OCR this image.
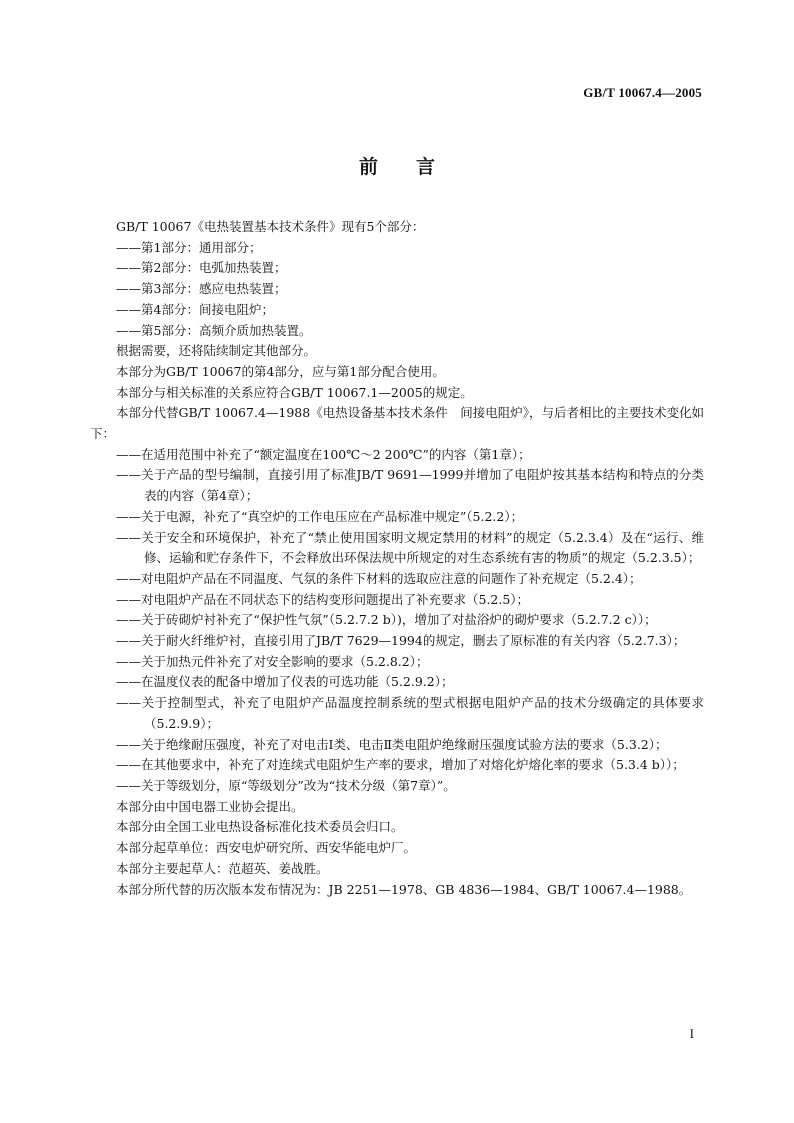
GB/T 10067.4—2005
前言

GB/T 10067《电热装置基本技术条件》现有5个部分：

——第1部分：通用部分；

——第2部分：电弧加热装置；

——第3部分：感应电热装置；

——第4部分：间接电阻炉；

——第5部分：高频介质加热装置。

根据需要，还将陆续制定其他部分。

本部分为GB/T 10067的第4部分，应与第1部分配合使用。

本部分与相关标准的关系应符合GB/T 10067.1—2005的规定。

本部分代替GB/T 10067.4—1988《电热设备基本技术条件　间接电阻炉》，与后者相比的主要技术变化如下：

——在适用范围中补充了“额定温度在100℃～2 200℃”的内容（第1章）；

——关于产品的型号编制，直接引用了标准JB/T 9691—1999并增加了电阻炉按其基本结构和特点的分类表的内容（第4章）；

——关于电源，补充了“真空炉的工作电压应在产品标准中规定”（5.2.2）；

——关于安全和环境保护，补充了“禁止使用国家明文规定禁用的材料”的规定（5.2.3.4）及在“运行、维修、运输和贮存条件下，不会释放出环保法规中所规定的对生态系统有害的物质”的规定（5.2.3.5）；

——对电阻炉产品在不同温度、气氛的条件下材料的选取应注意的问题作了补充规定（5.2.4）；

——对电阻炉产品在不同状态下的结构变形问题提出了补充要求（5.2.5）；

——关于砖砌炉衬补充了“保护性气氛”（5.2.7.2 b）)，增加了对盐浴炉的砌炉要求（5.2.7.2 c））；

——关于耐火纤维炉衬，直接引用了JB/T 7629—1994的规定，删去了原标准的有关内容（5.2.7.3）；

——关于加热元件补充了对安全影响的要求（5.2.8.2）；

——在温度仪表的配备中增加了仪表的可选功能（5.2.9.2）；

——关于控制型式，补充了电阻炉产品温度控制系统的型式根据电阻炉产品的技术分级确定的具体要求（5.2.9.9）；

——关于绝缘耐压强度，补充了对电击Ⅰ类、电击Ⅱ类电阻炉绝缘耐压强度试验方法的要求（5.3.2）；

——在其他要求中，补充了对连续式电阻炉生产率的要求，增加了对熔化炉熔化率的要求（5.3.4 b））；

——关于等级划分，原“等级划分”改为“技术分级（第7章）”。

本部分由中国电器工业协会提出。

本部分由全国工业电热设备标准化技术委员会归口。

本部分起草单位：西安电炉研究所、西安华能电炉厂。

本部分主要起草人：范超英、姜战胜。

本部分所代替的历次版本发布情况为：JB 2251—1978、GB 4836—1984、GB/T 10067.4—1988。

I
